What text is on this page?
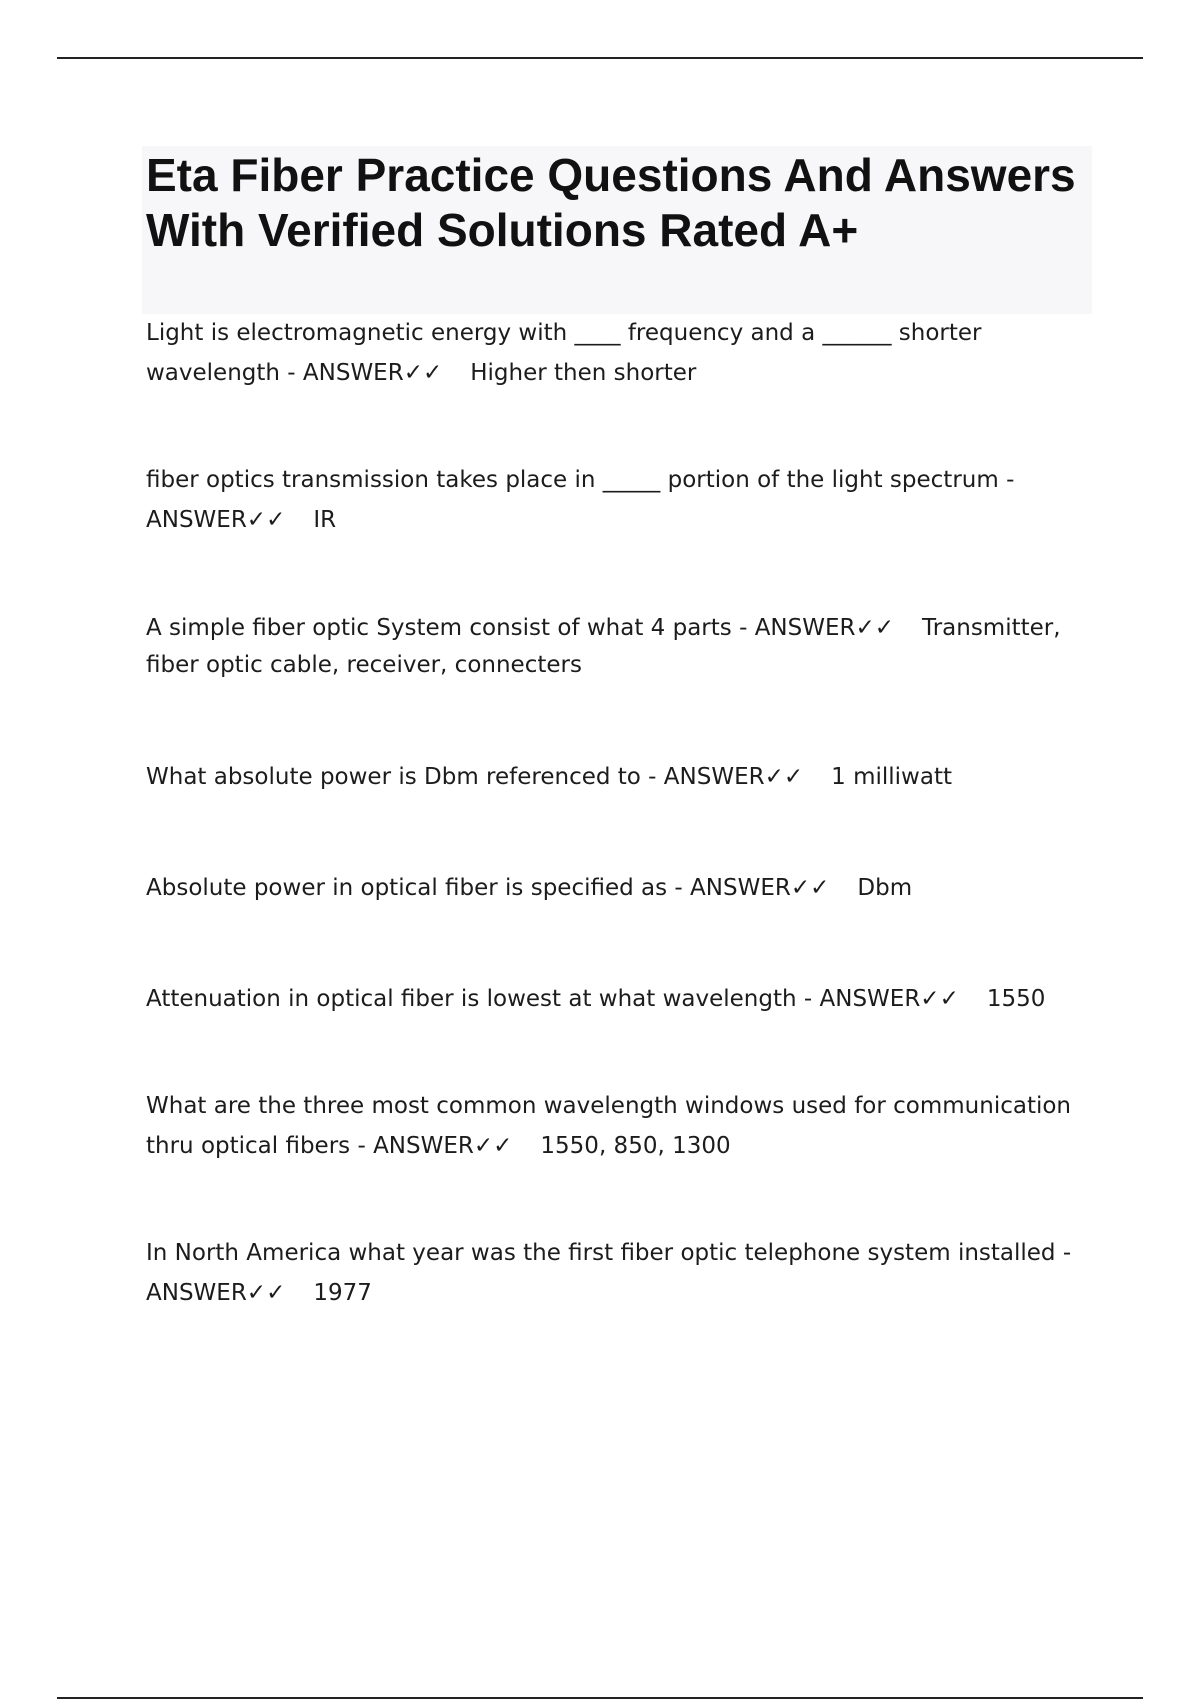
Eta Fiber Practice Questions And Answers With Verified Solutions Rated A+

Light is electromagnetic energy with ____ frequency and a ______ shorter wavelength - ANSWER✓✓ Higher then shorter

fiber optics transmission takes place in _____ portion of the light spectrum - ANSWER✓✓ IR

A simple fiber optic System consist of what 4 parts - ANSWER✓✓ Transmitter, fiber optic cable, receiver, connecters

What absolute power is Dbm referenced to - ANSWER✓✓ 1 milliwatt

Absolute power in optical fiber is specified as - ANSWER✓✓ Dbm

Attenuation in optical fiber is lowest at what wavelength - ANSWER✓✓ 1550

What are the three most common wavelength windows used for communication thru optical fibers - ANSWER✓✓ 1550, 850, 1300

In North America what year was the first fiber optic telephone system installed - ANSWER✓✓ 1977
